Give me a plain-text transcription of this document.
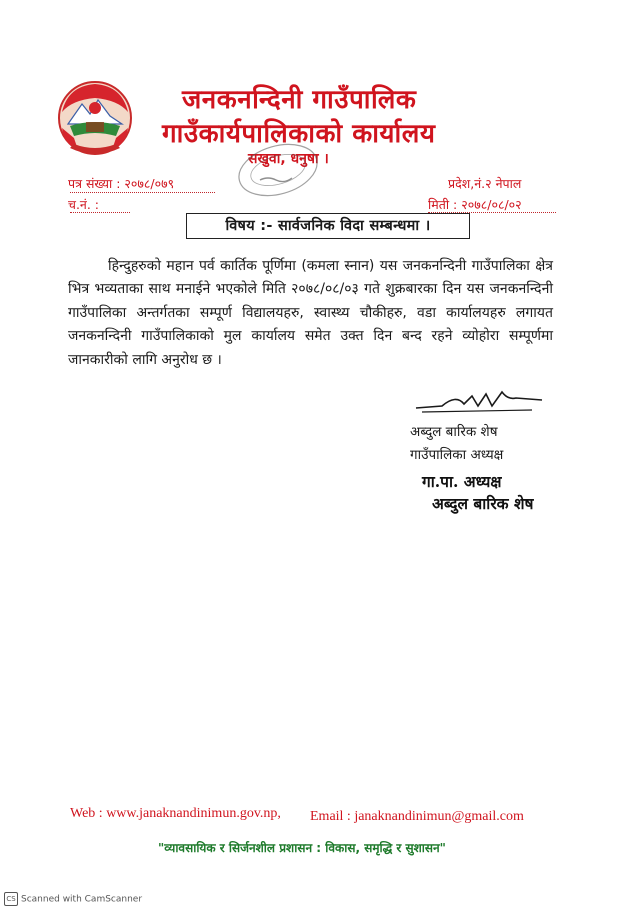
जनकनन्दिनी गाउँपालिक
गाउँकार्यपालिकाको कार्यालय
सखुवा, धनुषा ।
पत्र संख्या : २०७८/०७९
च.नं. :
प्रदेश,नं.२ नेपाल
मिती : २०७८/०८/०२
विषय :- सार्वजनिक विदा सम्बन्धमा ।
हिन्दुहरुको महान पर्व कार्तिक पूर्णिमा (कमला स्नान) यस जनकनन्दिनी गाउँपालिका क्षेत्र भित्र भव्यताका साथ मनाईने भएकोले मिति २०७८/०८/०३ गते शुक्रबारका दिन यस जनकनन्दिनी गाउँपालिका अन्तर्गतका सम्पूर्ण विद्यालयहरु, स्वास्थ्य चौकीहरु, वडा कार्यालयहरु लगायत जनकनन्दिनी गाउँपालिकाको मुल कार्यालय समेत उक्त दिन बन्द रहने व्योहोरा सम्पूर्णमा जानकारीको लागि अनुरोध छ ।
अब्दुल बारिक शेष
गाउँपालिका अध्यक्ष
गा.पा. अध्यक्ष
अब्दुल बारिक शेष
Web : www.janaknandinimun.gov.np, Email : janaknandinimun@gmail.com
"व्यावसायिक र सिर्जनशील प्रशासन : विकास, समृद्धि र सुशासन"
CS Scanned with CamScanner
